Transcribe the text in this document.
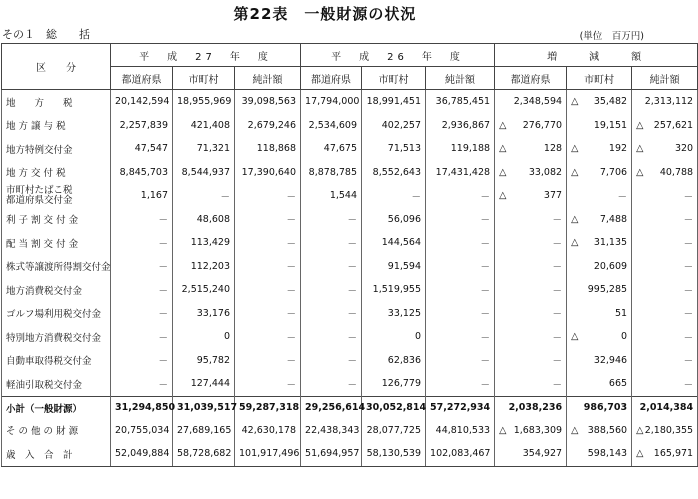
第22表　一般財源の状況
その１　総　　括	(単位　百万円)
区　　分	平　成　27　年　度			平　成　26　年　度			増　　減　　額		
	都道府県	市町村	純計額	都道府県	市町村	純計額	都道府県	市町村	純計額
地　　方　　税	20,142,594	18,955,969	39,098,563	17,794,000	18,991,451	36,785,451	2,348,594	△ 35,482	2,313,112
地 方 譲 与 税	2,257,839	421,408	2,679,246	2,534,609	402,257	2,936,867	△ 276,770	19,151	△ 257,621

地方特例交付金	47,547	71,321	118,868	47,675	71,513	119,188	△ 128	△ 192	△ 320

地 方 交 付 税	8,845,703	8,544,937	17,390,640	8,878,785	8,552,643	17,431,428	△ 33,082	△ 7,706	△ 40,788

市町村たばこ税
都道府県交付金	1,167	－	－	1,544	－	－	△ 377	－	－
利 子 割 交 付 金	－	48,608	－	－	56,096	－	－	△ 7,488	－
配 当 割 交 付 金	－	113,429	－	－	144,564	－	－	△ 31,135	－
株式等譲渡所得割交付金	－	112,203	－	－	91,594	－	－	20,609	－
地方消費税交付金	－	2,515,240	－	－	1,519,955	－	－	995,285	－
ゴルフ場利用税交付金	－	33,176	－	－	33,125	－	－	51	－
特別地方消費税交付金	－	0	－	－	0	－	－	△ 0	－
自動車取得税交付金	－	95,782	－	－	62,836	－	－	32,946	－
軽油引取税交付金	－	127,444	－	－	126,779	－	－	665	－
小計（一般財源）	31,294,850	31,039,517	59,287,318	29,256,614	30,052,814	57,272,934	2,038,236	986,703	2,014,384
そ の 他 の 財 源	20,755,034	27,689,165	42,630,178	22,438,343	28,077,725	44,810,533	△ 1,683,309	△ 388,560	△ 2,180,355

歳　入　合　計	52,049,884	58,728,682	101,917,496	51,694,957	58,130,539	102,083,467	354,927	598,143	△ 165,971
